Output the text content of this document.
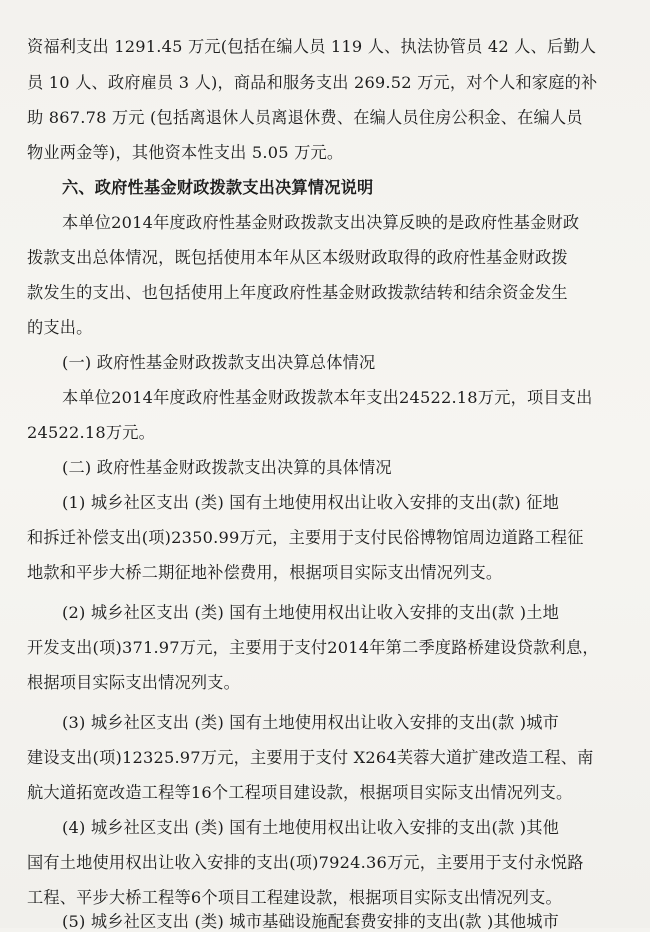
资福利支出 1291.45 万元(包括在编人员 119 人、执法协管员 42 人、后勤人
员 10 人、政府雇员 3 人)，商品和服务支出 269.52 万元，对个人和家庭的补
助 867.78 万元 (包括离退休人员离退休费、在编人员住房公积金、在编人员
物业两金等)，其他资本性支出 5.05 万元。
六、政府性基金财政拨款支出决算情况说明
本单位2014年度政府性基金财政拨款支出决算反映的是政府性基金财政
拨款支出总体情况，既包括使用本年从区本级财政取得的政府性基金财政拨
款发生的支出、也包括使用上年度政府性基金财政拨款结转和结余资金发生
的支出。
(一) 政府性基金财政拨款支出决算总体情况
本单位2014年度政府性基金财政拨款本年支出24522.18万元，项目支出
24522.18万元。
(二) 政府性基金财政拨款支出决算的具体情况
(1) 城乡社区支出 (类) 国有土地使用权出让收入安排的支出(款) 征地
和拆迁补偿支出(项)2350.99万元，主要用于支付民俗博物馆周边道路工程征
地款和平步大桥二期征地补偿费用，根据项目实际支出情况列支。
(2) 城乡社区支出 (类) 国有土地使用权出让收入安排的支出(款 )土地
开发支出(项)371.97万元，主要用于支付2014年第二季度路桥建设贷款利息，
根据项目实际支出情况列支。
(3) 城乡社区支出 (类) 国有土地使用权出让收入安排的支出(款 )城市
建设支出(项)12325.97万元，主要用于支付 X264芙蓉大道扩建改造工程、南
航大道拓宽改造工程等16个工程项目建设款，根据项目实际支出情况列支。
(4) 城乡社区支出 (类) 国有土地使用权出让收入安排的支出(款 )其他
国有土地使用权出让收入安排的支出(项)7924.36万元，主要用于支付永悦路
工程、平步大桥工程等6个项目工程建设款，根据项目实际支出情况列支。
(5) 城乡社区支出 (类) 城市基础设施配套费安排的支出(款 )其他城市
